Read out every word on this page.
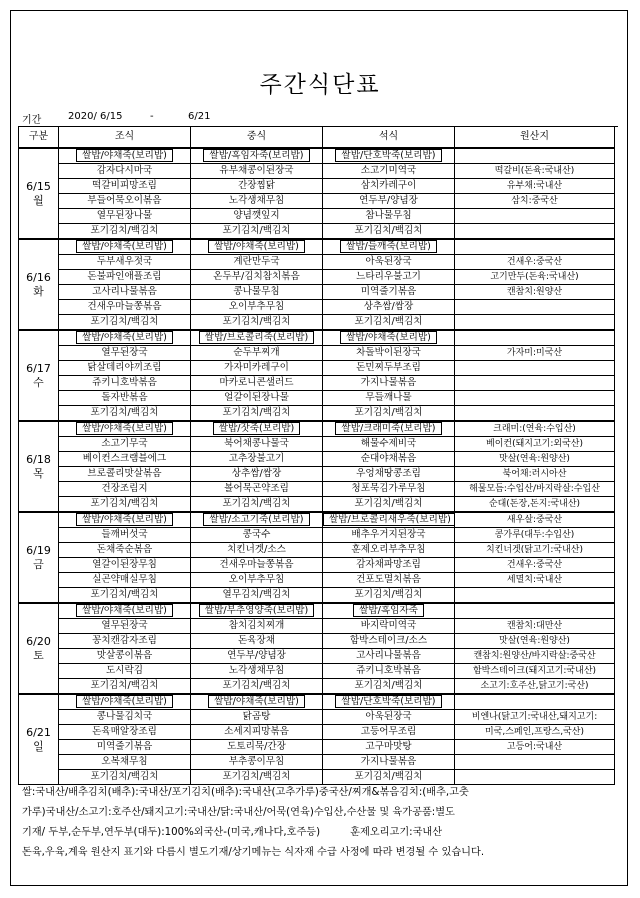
주간식단표
기간	2020/ 6/15	-	6/21
구분	조식	중식	석식	원산지

6/15
월	쌀밥/야채죽(보리밥)	쌀밥/흑임자죽(보리밥)	쌀밥/단호박죽(보리밥)	
	감자다시마국	유부채콩이된장국	소고기미역국	떡갈비(돈육:국내산)
	떡갈비피망조림	간장찜닭	삼치카레구이	유부채:국내산
	부들어묵오이볶음	노각생채무침	연두부/양념장	삼치:중국산
	열무된장나물	양념깻잎지	참나물무침	
	포기김치/백김치	포기김치/백김치	포기김치/백김치	

6/16
화	쌀밥/야채죽(보리밥)	쌀밥/야채죽(보리밥)	쌀밥/들깨죽(보리밥)	
	두부새우젓국	계란만두국	아욱된장국	건새우:중국산
	돈불파인애플조림	온두부/김치참치볶음	느타리우불고기	고기만두(돈육:국내산)
	고사리나물볶음	콩나물무침	미역줄기볶음	캔참치:원양산
	건새우마늘쫑볶음	오이부추무침	상추쌈/쌈장	
	포기김치/백김치	포기김치/백김치	포기김치/백김치	

6/17
수	쌀밥/야채죽(보리밥)	쌀밥/브로콜리죽(보리밥)	쌀밥/야채죽(보리밥)	
	열무된장국	순두부찌개	차돌박이된장국	가자미:미국산
	닭살데리야끼조림	가자미카레구이	돈민찌두부조림	
	쥬키니호박볶음	마카로니콘샐러드	가지나물볶음	
	돌자반볶음	얼갈이된장나물	무들깨나물	
	포기김치/백김치	포기김치/백김치	포기김치/백김치	

6/18
목	쌀밥/야채죽(보리밥)	쌀밥/잣죽(보리밥)	쌀밥/크래미죽(보리밥)	크래미:(연육:수입산)
	소고기무국	북어채콩나물국	해물수제비국	베이컨(돼지고기:외국산)
	베이컨스크램블에그	고추장불고기	순대야채볶음	맛살(연육:원양산)
	브로콜리맛살볶음	상추쌈/쌈장	우엉채땅콩조림	북어채:러시아산
	건장조림지	볼어묵곤약조림	청포묵김가루무침	해물모듬:수입산/바지락살:수입산
	포기김치/백김치	포기김치/백김치	포기김치/백김치	순대(돈장,돈지:국내산)

6/19
금	쌀밥/야채죽(보리밥)	쌀밥/소고기죽(보리밥)	쌀밥/브로콜리새우죽(보리밥)	새우살:중국산
	들깨버섯국	콩국수	배추우거지된장국	콩가루(대두:수입산)
	돈채죽순볶음	치킨너겟/소스	훈제오리부추무침	치킨너겟(닭고기:국내산)
	열갈이된장무침	건새우마늘쫑볶음	감자채파망조림	건새우:중국산
	실곤약매실무침	오이부추무침	건포도멸치볶음	세멸치:국내산
	포기김치/백김치	열무김치/백김치	포기김치/백김치	

6/20
토	쌀밥/야채죽(보리밥)	쌀밥/부추영양죽(보리밥)	쌀밥/흑임자죽	
	열무된장국	참치김치찌개	바지락미역국	캔참치:대만산
	꽁치캔감자조림	돈육장채	함박스테이크/소스	맛살(연육:원양산)
	맛살콩이볶음	연두부/양념장	고사리나물볶음	캔참치:원양산/바지락살:중국산
	도시락김	노각생채무침	쥬키니호박볶음	함박스테이크(돼지고기:국내산)
	포기김치/백김치	포기김치/백김치	포기김치/백김치	소고기:호주산,닭고기:국산)

6/21
일	쌀밥/야채죽(보리밥)	쌀밥/야채죽(보리밥)	쌀밥/단호박죽(보리밥)	
	콩나물김치국	닭곰탕	아욱된장국	비엔나(닭고기:국내산,돼지고기:
	돈육매알장조림	소세지피망볶음	고등어무조림	미국,스페인,프랑스,국산)
	미역줄기볶음	도토리묵/간장	고구마맛탕	고등어:국내산
	오복채무침	부추콩이무침	가지나물볶음	
	포기김치/백김치	포기김치/백김치	포기김치/백김치	
쌀:국내산/배추김치(배추):국내산/포기김치(배추):국내산(고추가루)중국산/찌개&볶음김치:(배추,고춧
가루)국내산/소고기:호주산/돼지고기:국내산/닭:국내산/어묵(연육)수입산,수산물 및 육가공품:별도
기재/ 두부,순두부,연두부(대두):100%외국산-(미국,캐나다,호주등)	훈제오리고기:국내산
돈육,우육,계육 원산지 표기와 다름시 별도기재/상기메뉴는 식자재 수급 사정에 따라 변경될 수 있습니다.
